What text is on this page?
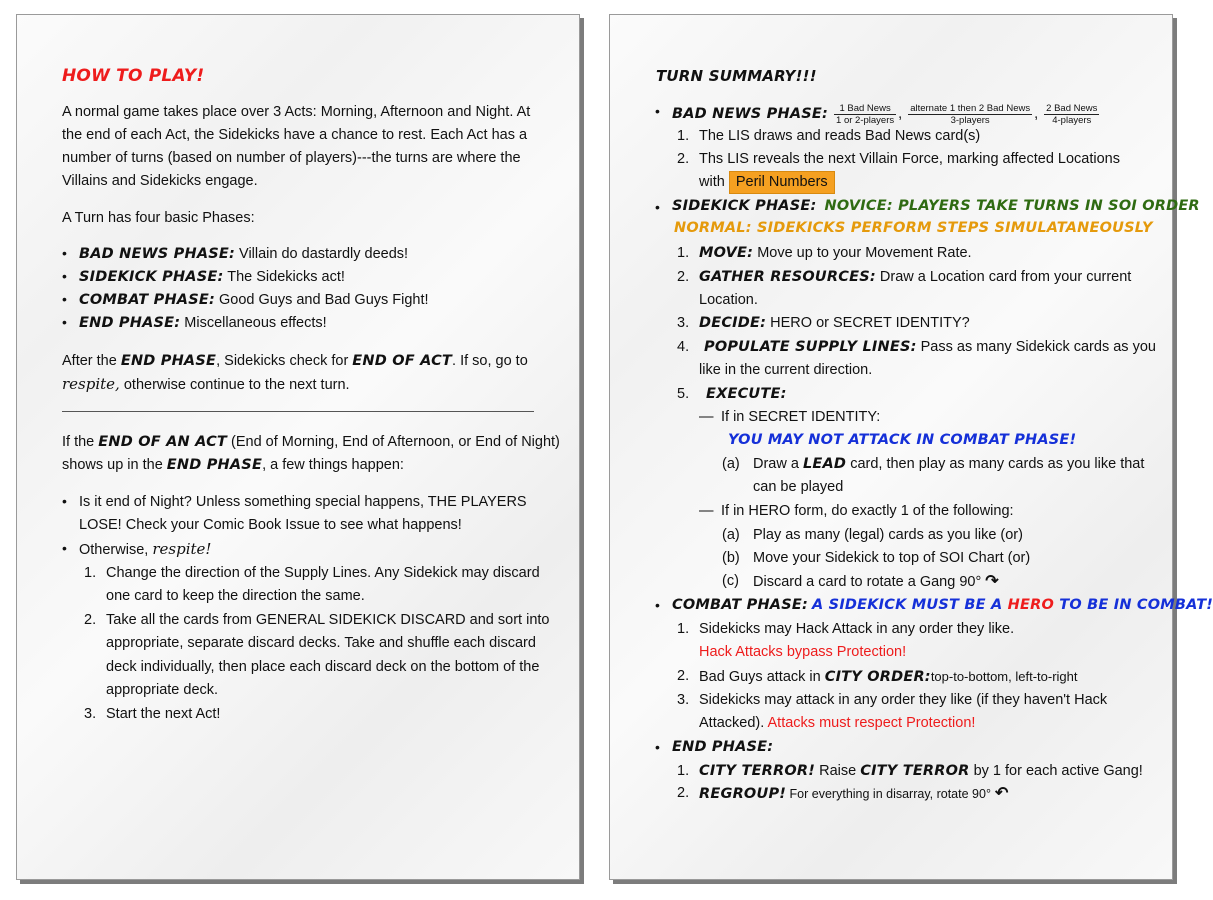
HOW TO PLAY!
A normal game takes place over 3 Acts: Morning, Afternoon and Night. At
the end of each Act, the Sidekicks have a chance to rest. Each Act has a
number of turns (based on number of players)---the turns are where the
Villains and Sidekicks engage.
A Turn has four basic Phases:
• BAD NEWS PHASE: Villain do dastardly deeds!
• SIDEKICK PHASE: The Sidekicks act!
• COMBAT PHASE: Good Guys and Bad Guys Fight!
• END PHASE: Miscellaneous effects!
After the END PHASE, Sidekicks check for END OF ACT. If so, go to
respite, otherwise continue to the next turn.
If the END OF AN ACT (End of Morning, End of Afternoon, or End of Night)
shows up in the END PHASE, a few things happen:
• Is it end of Night? Unless something special happens, THE PLAYERS
LOSE! Check your Comic Book Issue to see what happens!
• Otherwise, respite!
1. Change the direction of the Supply Lines. Any Sidekick may discard
one card to keep the direction the same.
2. Take all the cards from GENERAL SIDEKICK DISCARD and sort into
appropriate, separate discard decks. Take and shuffle each discard
deck individually, then place each discard deck on the bottom of the
appropriate deck.
3. Start the next Act!
TURN SUMMARY!!!
• BAD NEWS PHASE: $\frac{\text{1 Bad News}}{\text{1 or 2-players}}$ , $\frac{\text{alternate 1 then 2 Bad News}}{\text{3-players}}$ , $\frac{\text{2 Bad News}}{\text{4-players}}$
1. The LIS draws and reads Bad News card(s)
2. Ths LIS reveals the next Villain Force, marking affected Locations
with Peril Numbers
• SIDEKICK PHASE: NOVICE: PLAYERS TAKE TURNS IN SOI ORDER
NORMAL: SIDEKICKS PERFORM STEPS SIMULATANEOUSLY
1. MOVE: Move up to your Movement Rate.
2. GATHER RESOURCES: Draw a Location card from your current
Location.
3. DECIDE: HERO or SECRET IDENTITY?
4. POPULATE SUPPLY LINES: Pass as many Sidekick cards as you
like in the current direction.
5. EXECUTE:
— If in SECRET IDENTITY:
YOU MAY NOT ATTACK IN COMBAT PHASE!
(a) Draw a LEAD card, then play as many cards as you like that
can be played
— If in HERO form, do exactly 1 of the following:
(a) Play as many (legal) cards as you like (or)
(b) Move your Sidekick to top of SOI Chart (or)
(c) Discard a card to rotate a Gang 90° ↷
• COMBAT PHASE: A SIDEKICK MUST BE A HERO TO BE IN COMBAT!
1. Sidekicks may Hack Attack in any order they like.
Hack Attacks bypass Protection!
2. Bad Guys attack in CITY ORDER:top-to-bottom, left-to-right
3. Sidekicks may attack in any order they like (if they haven't Hack
Attacked). Attacks must respect Protection!
• END PHASE:
1. CITY TERROR! Raise CITY TERROR by 1 for each active Gang!
2. REGROUP! For everything in disarray, rotate 90° ↶
